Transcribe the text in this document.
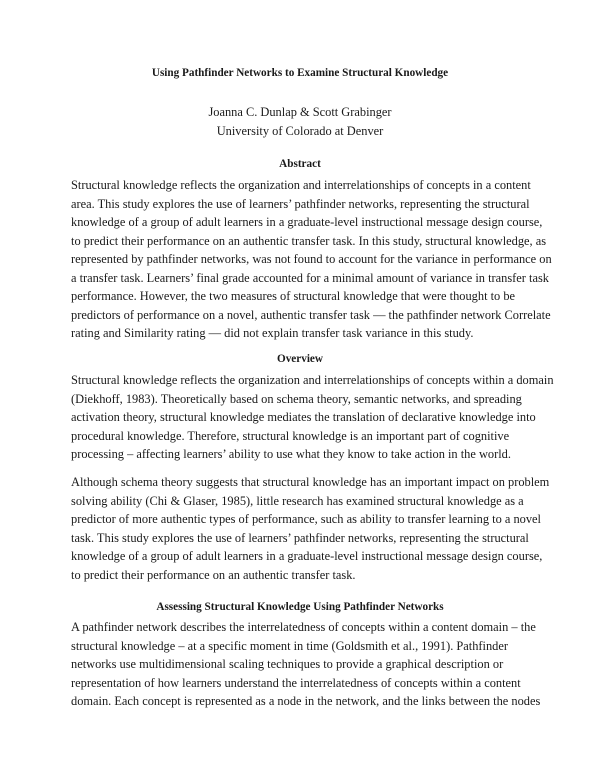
Using Pathfinder Networks to Examine Structural Knowledge
Joanna C. Dunlap & Scott Grabinger
University of Colorado at Denver
Abstract
Structural knowledge reflects the organization and interrelationships of concepts in a content
area. This study explores the use of learners’ pathfinder networks, representing the structural
knowledge of a group of adult learners in a graduate-level instructional message design course,
to predict their performance on an authentic transfer task. In this study, structural knowledge, as
represented by pathfinder networks, was not found to account for the variance in performance on
a transfer task. Learners’ final grade accounted for a minimal amount of variance in transfer task
performance. However, the two measures of structural knowledge that were thought to be
predictors of performance on a novel, authentic transfer task — the pathfinder network Correlate
rating and Similarity rating — did not explain transfer task variance in this study.
Overview
Structural knowledge reflects the organization and interrelationships of concepts within a domain
(Diekhoff, 1983). Theoretically based on schema theory, semantic networks, and spreading
activation theory, structural knowledge mediates the translation of declarative knowledge into
procedural knowledge. Therefore, structural knowledge is an important part of cognitive
processing – affecting learners’ ability to use what they know to take action in the world.
Although schema theory suggests that structural knowledge has an important impact on problem
solving ability (Chi & Glaser, 1985), little research has examined structural knowledge as a
predictor of more authentic types of performance, such as ability to transfer learning to a novel
task. This study explores the use of learners’ pathfinder networks, representing the structural
knowledge of a group of adult learners in a graduate-level instructional message design course,
to predict their performance on an authentic transfer task.
Assessing Structural Knowledge Using Pathfinder Networks
A pathfinder network describes the interrelatedness of concepts within a content domain – the
structural knowledge – at a specific moment in time (Goldsmith et al., 1991). Pathfinder
networks use multidimensional scaling techniques to provide a graphical description or
representation of how learners understand the interrelatedness of concepts within a content
domain. Each concept is represented as a node in the network, and the links between the nodes
